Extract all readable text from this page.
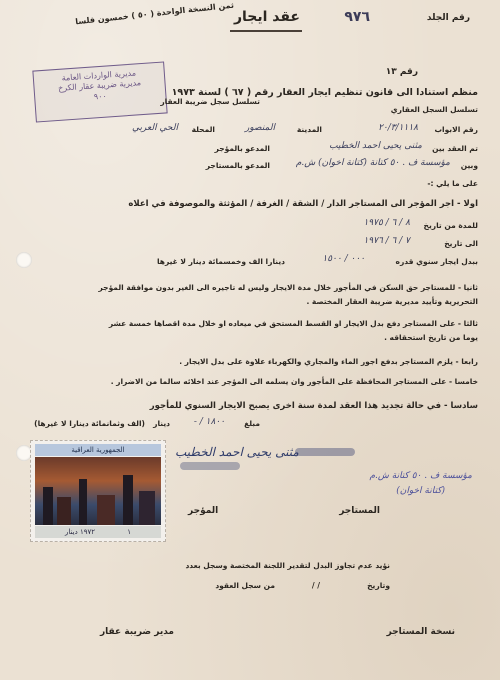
رقم الجلد
٩٧٦
عقد ايجار
ثمن النسخة الواحدة ( ٥٠ ) خمسون فلسا
رقم ١٣
مديرية الواردات العامة
مديرية ضريبة عقار الكرخ
٩٠٠	منظم استنادا الى قانون تنظيم ايجار العقار رقم ( ٦٧ ) لسنة ١٩٧٣
تسلسل السجل العقاري
تسلسل سجل ضريبة العقار
رقم الابواب
٢٠/٣/١١١٨
المدينة
المنصور
المحلة
الحي العربي
تم العقد بين
مثنى يحيى احمد الخطيب
المدعو بالمؤجر
وبين
مؤسسة ف . ٥٠ كتانة (كتانة اخوان) ش.م
المدعو بالمستاجر
على ما يلي :-
اولا - اجر المؤجر الى المستاجر الدار / الشقة / الغرفة / المؤثثة والموصوفة في اعلاه
للمدة من تاريخ
٨ / ٦ / ١٩٧٥
الى تاريخ
٧ / ٦ / ١٩٧٦
ببدل ايجار سنوي قدره
٠٠٠ / ١٥٠٠
دينارا الف وخمسمائة دينار لا غيرها
ثانيا - للمستاجر حق السكن في المأجور خلال مدة الايجار وليس له تاجيره الى الغير بدون موافقة المؤجر
التحريرية وتأييد مديرية ضريبة العقار المختصة .
ثالثا - على المستاجر دفع بدل الايجار او القسط المستحق في ميعاده او خلال مدة اقصاها خمسة عشر
يوما من تاريخ استحقاقه .
رابعا - يلزم المستاجر بدفع اجور الماء والمجاري والكهرباء علاوة على بدل الايجار .
خامسا - على المستاجر المحافظة على المأجور وان يسلمه الى المؤجر عند اخلائه سالما من الاضرار .
سادسا - في حالة تجديد هذا العقد لمدة سنة اخرى يصبح الايجار السنوي للمأجور
مبلغ
١٨٠٠ / -
دينار
(الف وثمانمائة دينارا لا غيرها)
مثنى يحيى احمد الخطيب
مؤسسة ف . ٥٠ كتانة ش.م
(كتانة اخوان)
المؤجر	المستاجر
الجمهورية العراقية
١ ١٩٧٢ دينار
نؤيد عدم تجاوز البدل لتقدير اللجنة المختصة وسجل بعدد
وتاريخ
/ /
من سجل العقود
نسخة المستاجر
مدير ضريبة عقار
